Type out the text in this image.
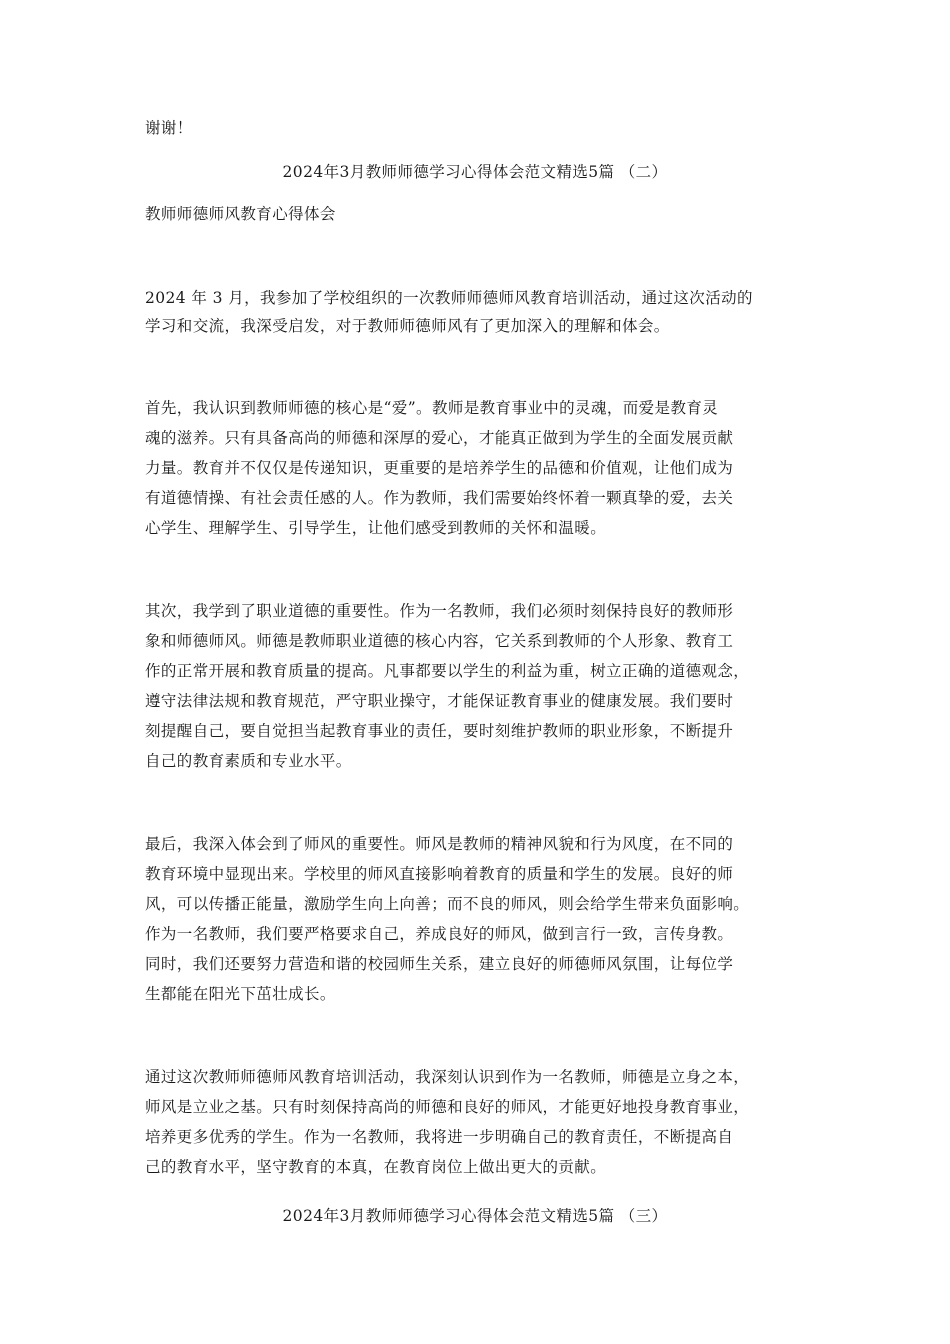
谢谢！
2024年3月教师师德学习心得体会范文精选5篇 （二）
教师师德师风教育心得体会
2024 年 3 月，我参加了学校组织的一次教师师德师风教育培训活动，通过这次活动的
学习和交流，我深受启发，对于教师师德师风有了更加深入的理解和体会。
首先，我认识到教师师德的核心是“爱”。教师是教育事业中的灵魂，而爱是教育灵
魂的滋养。只有具备高尚的师德和深厚的爱心，才能真正做到为学生的全面发展贡献
力量。教育并不仅仅是传递知识，更重要的是培养学生的品德和价值观，让他们成为
有道德情操、有社会责任感的人。作为教师，我们需要始终怀着一颗真挚的爱，去关
心学生、理解学生、引导学生，让他们感受到教师的关怀和温暖。
其次，我学到了职业道德的重要性。作为一名教师，我们必须时刻保持良好的教师形
象和师德师风。师德是教师职业道德的核心内容，它关系到教师的个人形象、教育工
作的正常开展和教育质量的提高。凡事都要以学生的利益为重，树立正确的道德观念，
遵守法律法规和教育规范，严守职业操守，才能保证教育事业的健康发展。我们要时
刻提醒自己，要自觉担当起教育事业的责任，要时刻维护教师的职业形象，不断提升
自己的教育素质和专业水平。
最后，我深入体会到了师风的重要性。师风是教师的精神风貌和行为风度，在不同的
教育环境中显现出来。学校里的师风直接影响着教育的质量和学生的发展。良好的师
风，可以传播正能量，激励学生向上向善；而不良的师风，则会给学生带来负面影响。
作为一名教师，我们要严格要求自己，养成良好的师风，做到言行一致，言传身教。
同时，我们还要努力营造和谐的校园师生关系，建立良好的师德师风氛围，让每位学
生都能在阳光下茁壮成长。
通过这次教师师德师风教育培训活动，我深刻认识到作为一名教师，师德是立身之本，
师风是立业之基。只有时刻保持高尚的师德和良好的师风，才能更好地投身教育事业，
培养更多优秀的学生。作为一名教师，我将进一步明确自己的教育责任，不断提高自
己的教育水平，坚守教育的本真，在教育岗位上做出更大的贡献。
2024年3月教师师德学习心得体会范文精选5篇 （三）
